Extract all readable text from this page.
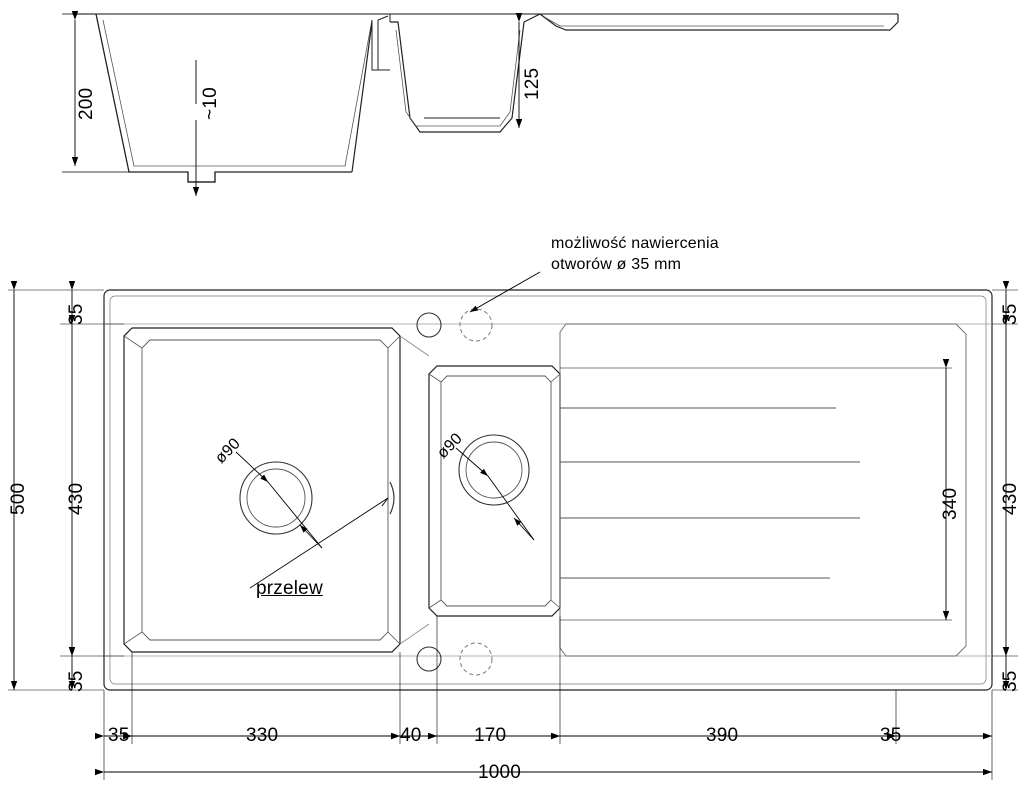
200	~10
125
możliwość nawiercenia otworów ø 35 mm
ø90	ø90
przelew
500
35
430
35
35
430
35
340
35	330	40	170	390	35
1000
